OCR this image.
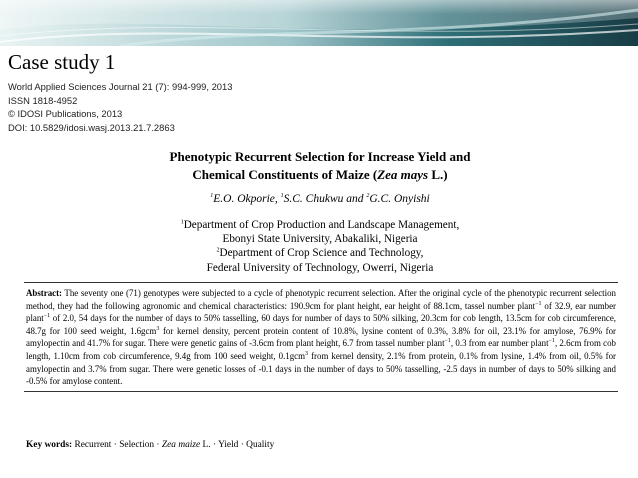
Case study 1
World Applied Sciences Journal 21 (7): 994-999, 2013
ISSN 1818-4952
© IDOSI Publications, 2013
DOI: 10.5829/idosi.wasj.2013.21.7.2863
Phenotypic Recurrent Selection for Increase Yield and
Chemical Constituents of Maize (Zea mays L.)
$^1$E.O. Okporie, $^1$S.C. Chukwu and $^2$G.C. Onyishi
$^1$Department of Crop Production and Landscape Management,
Ebonyi State University, Abakaliki, Nigeria
$^2$Department of Crop Science and Technology,
Federal University of Technology, Owerri, Nigeria
Abstract: The seventy one (71) genotypes were subjected to a cycle of phenotypic recurrent selection. After the original cycle of the phenotypic recurrent selection method, they had the following agronomic and chemical characteristics: 190.9cm for plant height, ear height of 88.1cm, tassel number plant$^{-1}$ of 32.9, ear number plant$^{-1}$ of 2.0, 54 days for the number of days to 50% tasselling, 60 days for number of days to 50% silking, 20.3cm for cob length, 13.5cm for cob circumference, 48.7g for 100 seed weight, 1.6gcm$^3$ for kernel density, percent protein content of 10.8%, lysine content of 0.3%, 3.8% for oil, 23.1% for amylose, 76.9% for amylopectin and 41.7% for sugar. There were genetic gains of -3.6cm from plant height, 6.7 from tassel number plant$^{-1}$, 0.3 from ear number plant$^{-1}$, 2.6cm from cob length, 1.10cm from cob circumference, 9.4g from 100 seed weight, 0.1gcm$^3$ from kernel density, 2.1% from protein, 0.1% from lysine, 1.4% from oil, 0.5% for amylopectin and 3.7% from sugar. There were genetic losses of -0.1 days in the number of days to 50% tasselling, -2.5 days in number of days to 50% silking and -0.5% for amylose content.
Key words: Recurrent · Selection · Zea maize L. · Yield · Quality
